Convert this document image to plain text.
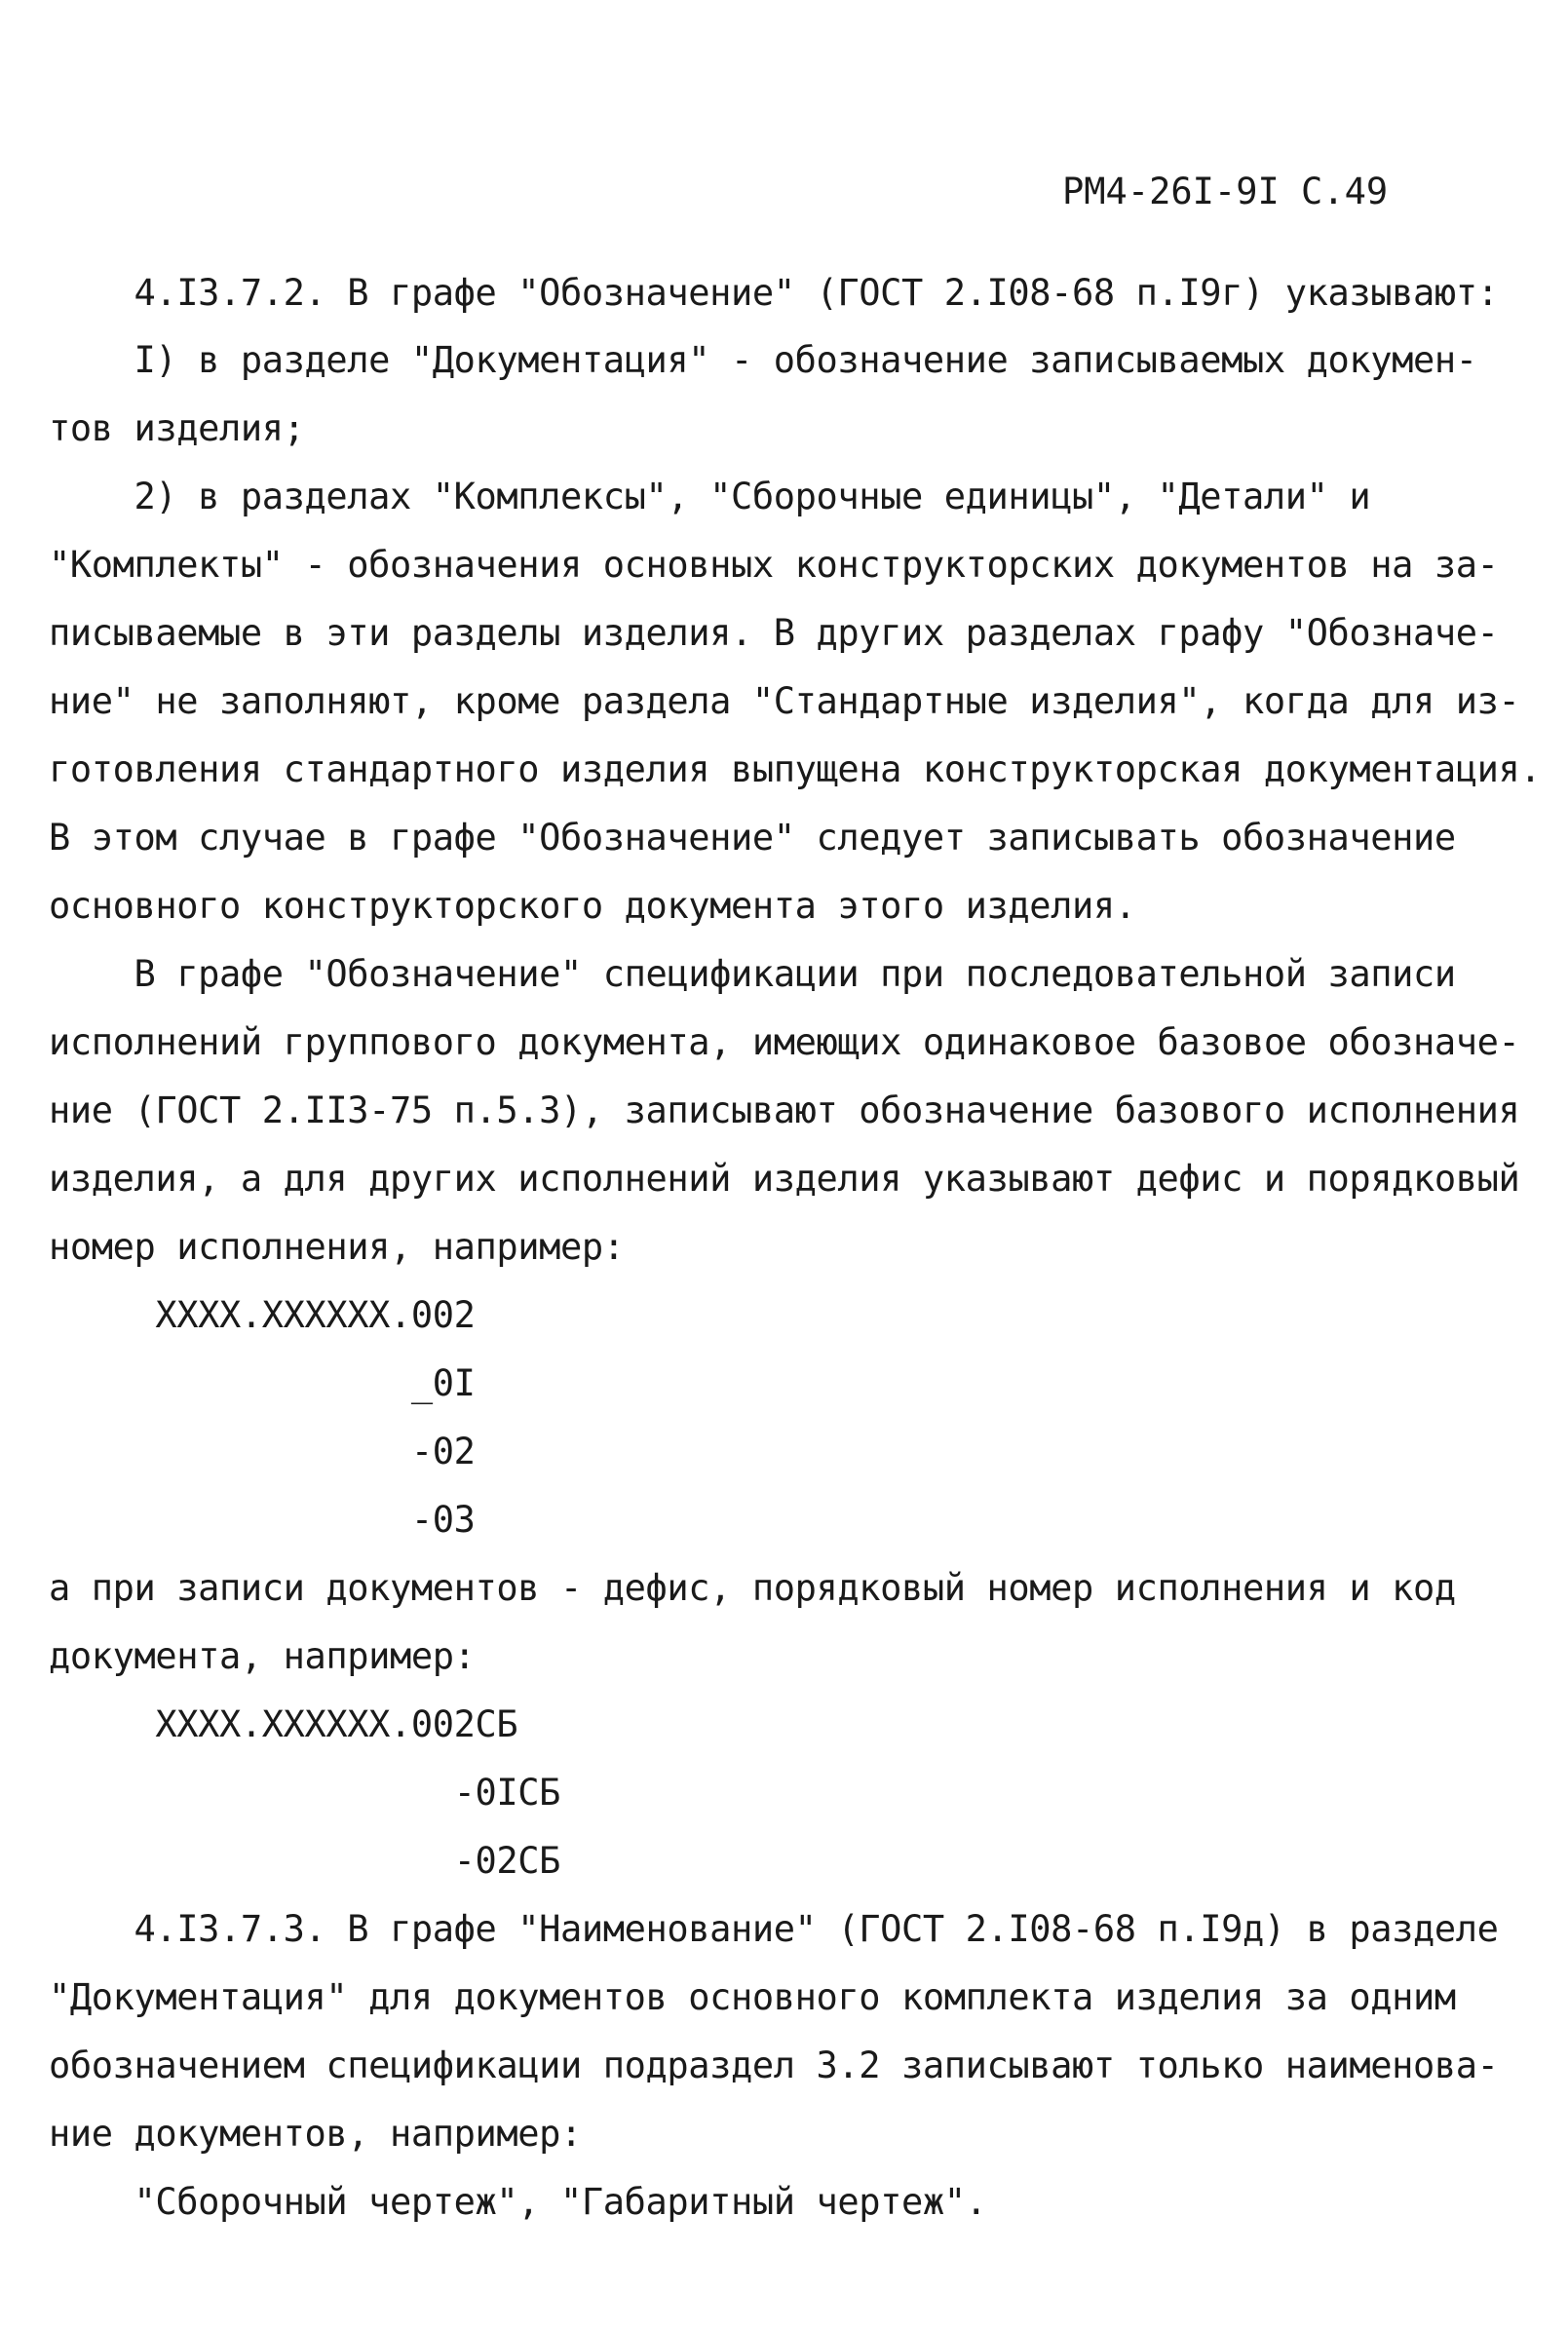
РМ4-26I-9I С.49
4.I3.7.2. В графе "Обозначение" (ГОСТ 2.I08-68 п.I9г) указывают:
I) в разделе "Документация" - обозначение записываемых докумен-
тов изделия;
2) в разделах "Комплексы", "Сборочные единицы", "Детали" и
"Комплекты" - обозначения основных конструкторских документов на за-
писываемые в эти разделы изделия. В других разделах графу "Обозначе-
ние" не заполняют, кроме раздела "Стандартные изделия", когда для из-
готовления стандартного изделия выпущена конструкторская документация.
В этом случае в графе "Обозначение" следует записывать обозначение
основного конструкторского документа этого изделия.
В графе "Обозначение" спецификации при последовательной записи
исполнений группового документа, имеющих одинаковое базовое обозначе-
ние (ГОСТ 2.II3-75 п.5.3), записывают обозначение базового исполнения
изделия, а для других исполнений изделия указывают дефис и порядковый
номер исполнения, например:
XXXX.XXXXXX.002
_0I
-02
-03
а при записи документов - дефис, порядковый номер исполнения и код
документа, например:
XXXX.XXXXXX.002СБ
-0IСБ
-02СБ
4.I3.7.3. В графе "Наименование" (ГОСТ 2.I08-68 п.I9д) в разделе
"Документация" для документов основного комплекта изделия за одним
обозначением спецификации подраздел 3.2 записывают только наименова-
ние документов, например:
"Сборочный чертеж", "Габаритный чертеж".
